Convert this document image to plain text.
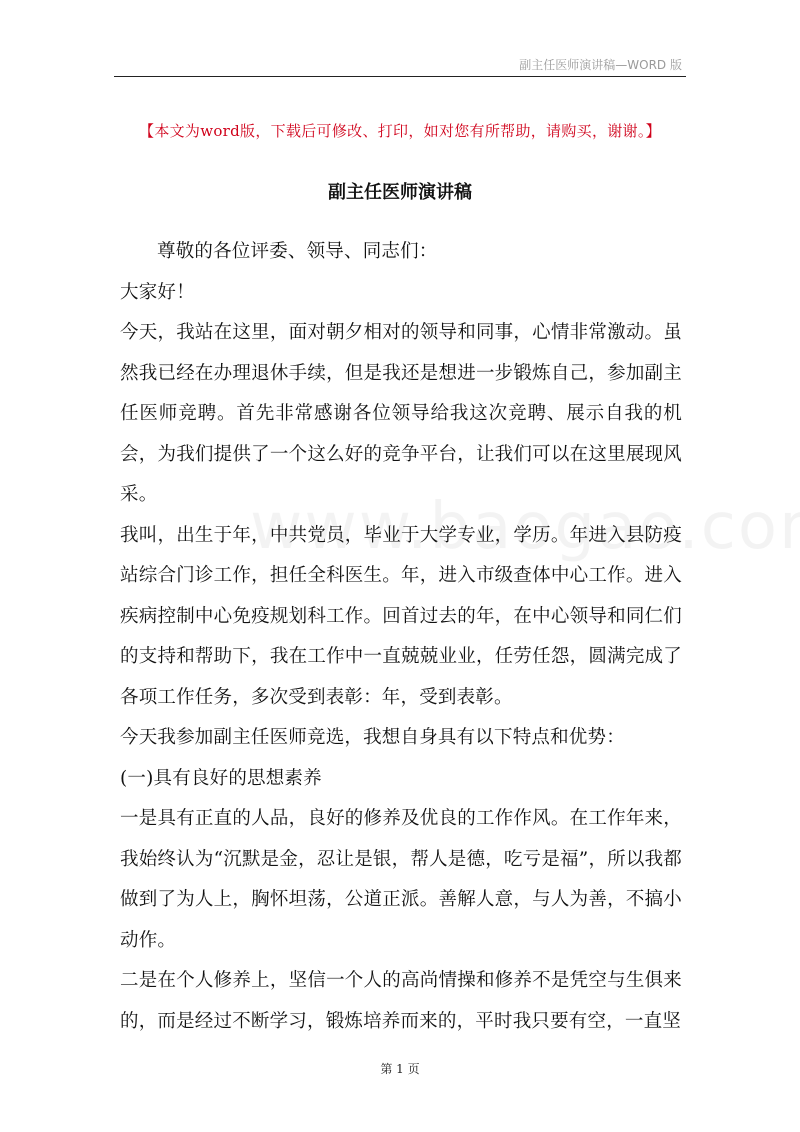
副主任医师演讲稿—WORD 版
【本文为word版，下载后可修改、打印，如对您有所帮助，请购买，谢谢。】
副主任医师演讲稿

尊敬的各位评委、领导、同志们：

大家好！

今天，我站在这里，面对朝夕相对的领导和同事，心情非常激动。虽然我已经在办理退休手续，但是我还是想进一步锻炼自己，参加副主任医师竞聘。首先非常感谢各位领导给我这次竞聘、展示自我的机会，为我们提供了一个这么好的竞争平台，让我们可以在这里展现风采。

我叫，出生于年，中共党员，毕业于大学专业，学历。年进入县防疫站综合门诊工作，担任全科医生。年，进入市级查体中心工作。进入疾病控制中心免疫规划科工作。回首过去的年，在中心领导和同仁们的支持和帮助下，我在工作中一直兢兢业业，任劳任怨，圆满完成了各项工作任务，多次受到表彰：年，受到表彰。

今天我参加副主任医师竞选，我想自身具有以下特点和优势：

(一)具有良好的思想素养

一是具有正直的人品，良好的修养及优良的工作作风。在工作年来，我始终认为“沉默是金，忍让是银，帮人是德，吃亏是福”，所以我都做到了为人上，胸怀坦荡，公道正派。善解人意，与人为善，不搞小动作。

二是在个人修养上，坚信一个人的高尚情操和修养不是凭空与生俱来的，而是经过不断学习，锻炼培养而来的，平时我只要有空，一直坚

第 1 页
